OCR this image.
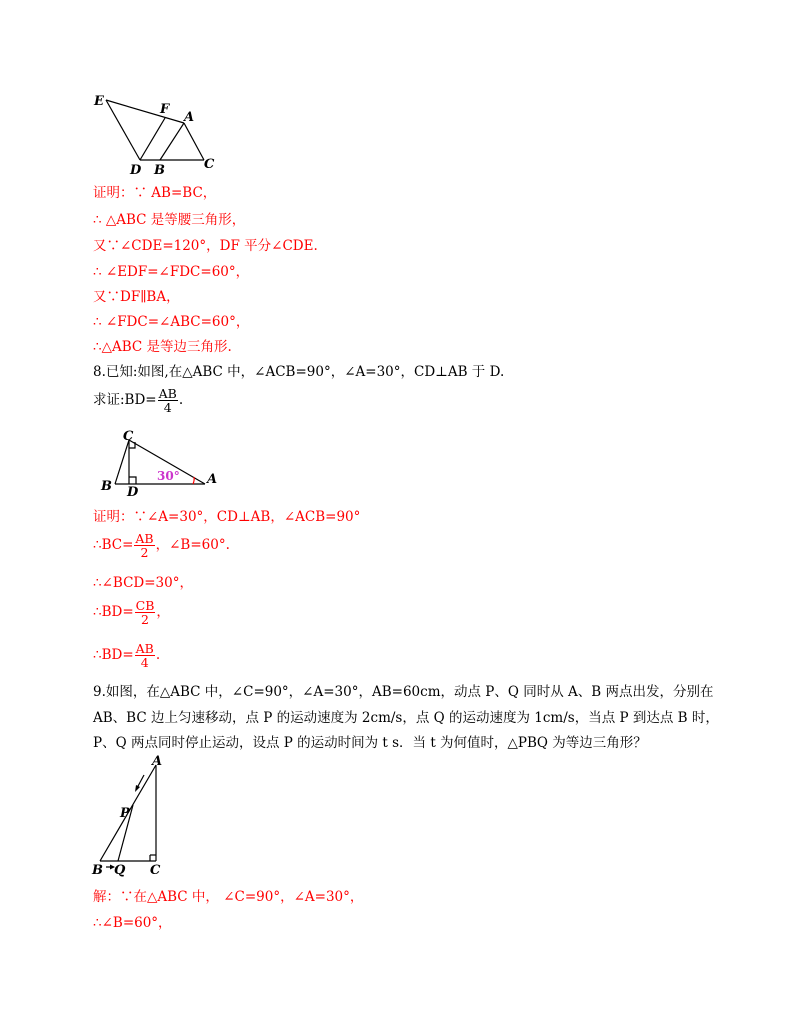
E
F
A
D B	C
证明：∵ AB=BC，
∴ △ABC 是等腰三角形，
又∵∠CDE=120°，DF 平分∠CDE.
∴ ∠EDF=∠FDC=60°，
又∵DF∥BA，
∴ ∠FDC=∠ABC=60°，
∴△ABC 是等边三角形.
8.已知:如图,在△ABC 中，∠ACB=90°，∠A=30°，CD⊥AB 于 D.
求证:BD= $\frac{AB}{4}$ .
C
B D
A
30°
证明：∵∠A=30°，CD⊥AB，∠ACB=90°
∴BC= $\frac{AB}{2}$ ，∠B=60°.
∴∠BCD=30°，
∴BD= $\frac{CB}{2}$ ，
∴BD= $\frac{AB}{4}$ .
9.如图，在△ABC 中，∠C=90°，∠A=30°，AB=60cm，动点 P、Q 同时从 A、B 两点出发，分别在
AB、BC 边上匀速移动，点 P 的运动速度为 2cm/s，点 Q 的运动速度为 1cm/s，当点 P 到达点 B 时，
P、Q 两点同时停止运动，设点 P 的运动时间为 t s．当 t 为何值时，△PBQ 为等边三角形？
A
P
B Q C
解：∵在△ABC 中， ∠C=90°，∠A=30°，
∴∠B=60°，
